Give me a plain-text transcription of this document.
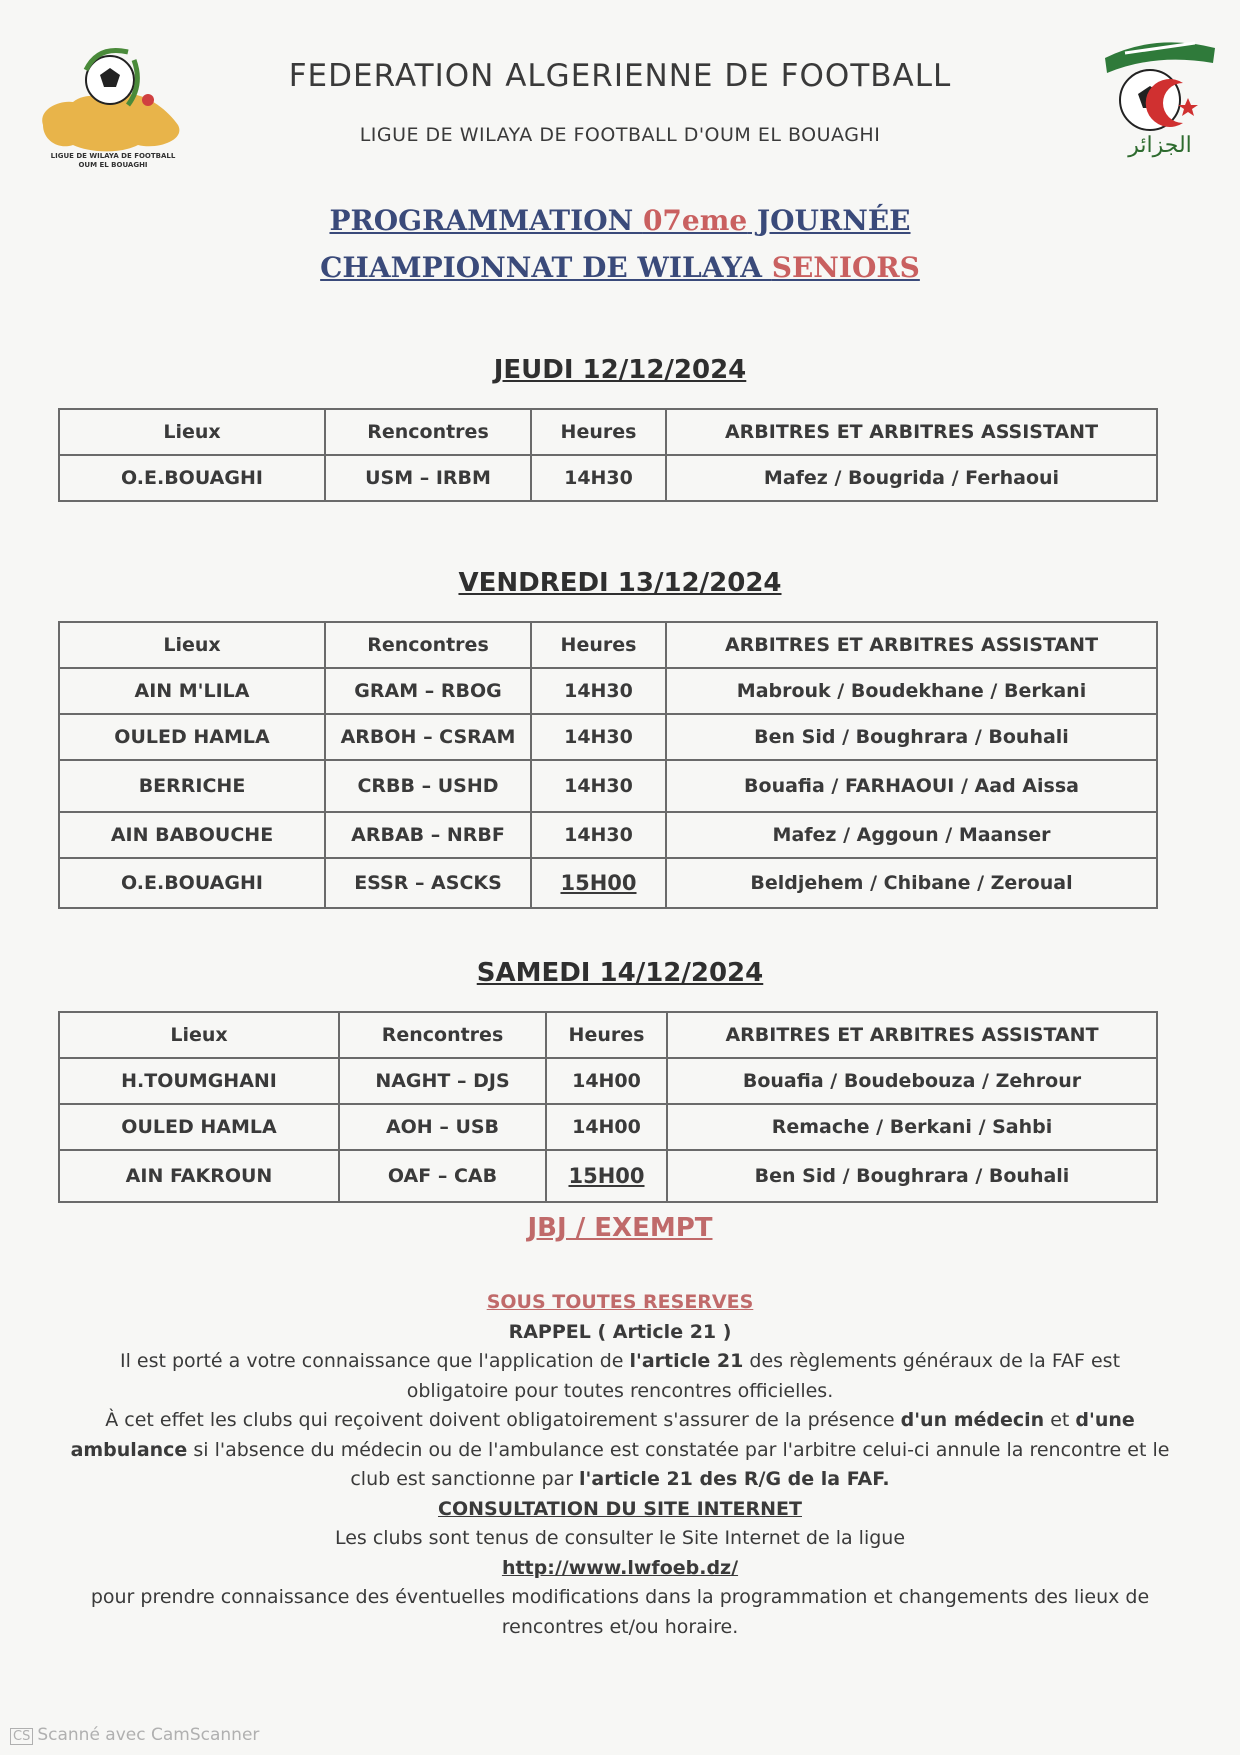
LIGUE DE WILAYA DE FOOTBALL
OUM EL BOUAGHI
الجزائر
FEDERATION ALGERIENNE DE FOOTBALL
LIGUE DE WILAYA DE FOOTBALL D'OUM EL BOUAGHI
PROGRAMMATION 07eme JOURNÉE
CHAMPIONNAT DE WILAYA SENIORS
JEUDI 12/12/2024
Lieux	Rencontres	Heures	ARBITRES ET ARBITRES ASSISTANT
O.E.BOUAGHI	USM – IRBM	14H30	Mafez / Bougrida / Ferhaoui
VENDREDI 13/12/2024
Lieux	Rencontres	Heures	ARBITRES ET ARBITRES ASSISTANT
AIN M'LILA	GRAM – RBOG	14H30	Mabrouk / Boudekhane / Berkani
OULED HAMLA	ARBOH – CSRAM	14H30	Ben Sid / Boughrara / Bouhali
BERRICHE	CRBB – USHD	14H30	Bouafia / FARHAOUI / Aad Aissa
AIN BABOUCHE	ARBAB – NRBF	14H30	Mafez / Aggoun / Maanser
O.E.BOUAGHI	ESSR – ASCKS	15H00	Beldjehem / Chibane / Zeroual
SAMEDI 14/12/2024
Lieux	Rencontres	Heures	ARBITRES ET ARBITRES ASSISTANT
H.TOUMGHANI	NAGHT – DJS	14H00	Bouafia / Boudebouza / Zehrour
OULED HAMLA	AOH – USB	14H00	Remache / Berkani / Sahbi
AIN FAKROUN	OAF – CAB	15H00	Ben Sid / Boughrara / Bouhali
JBJ / EXEMPT
SOUS TOUTES RESERVES
RAPPEL ( Article 21 )

Il est porté a votre connaissance que l'application de l'article 21 des règlements généraux de la FAF est obligatoire pour toutes rencontres officielles.

À cet effet les clubs qui reçoivent doivent obligatoirement s'assurer de la présence d'un médecin et d'une ambulance si l'absence du médecin ou de l'ambulance est constatée par l'arbitre celui-ci annule la rencontre et le club est sanctionne par l'article 21 des R/G de la FAF.

CONSULTATION DU SITE INTERNET

Les clubs sont tenus de consulter le Site Internet de la ligue

http://www.lwfoeb.dz/

pour prendre connaissance des éventuelles modifications dans la programmation et changements des lieux de rencontres et/ou horaire.

CS Scanné avec CamScanner
